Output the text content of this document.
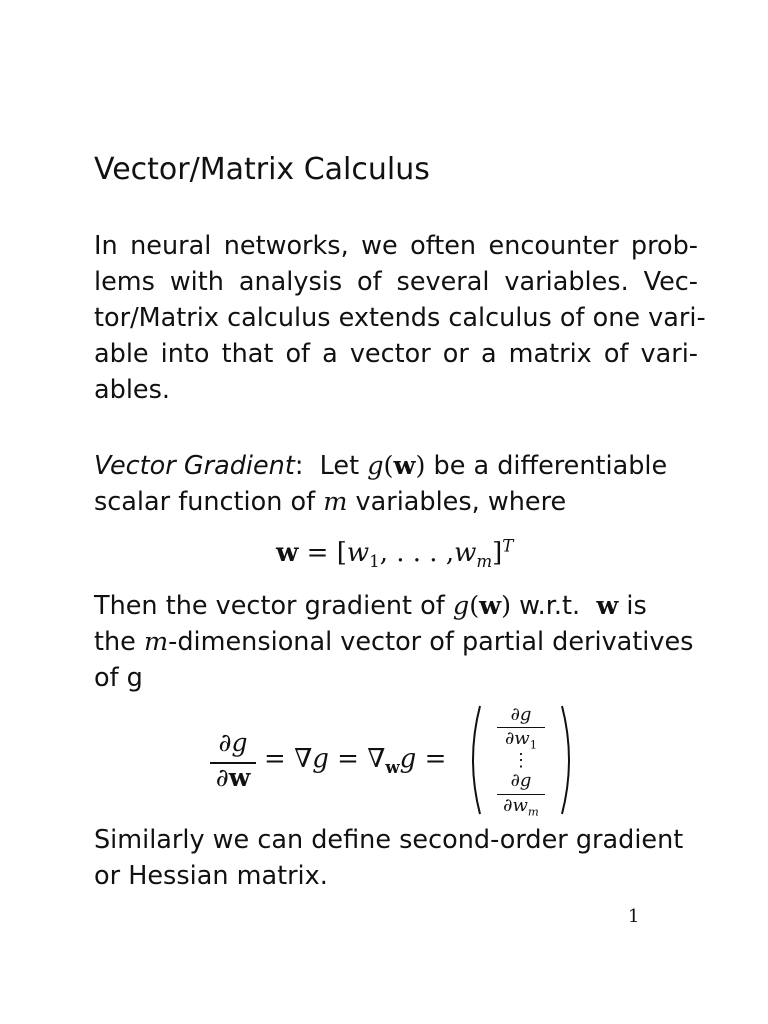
Vector/Matrix Calculus
In neural networks, we often encounter prob-
lems with analysis of several variables. Vec-
tor/Matrix calculus extends calculus of one vari-
able into that of a vector or a matrix of vari-
ables.
Vector Gradient: Let g(w) be a differentiable
scalar function of m variables, where
$w = [w_1$, . . . $,w_m]^T$
Then the vector gradient of g(w) w.r.t. w is
the m-dimensional vector of partial derivatives
of g
∂g
∂w
= $\nabla g = \nabla_wg$ =
∂g
$\partial w_1$
⋮
∂g
$\partial w_m$
Similarly we can define second-order gradient
or Hessian matrix.
1
